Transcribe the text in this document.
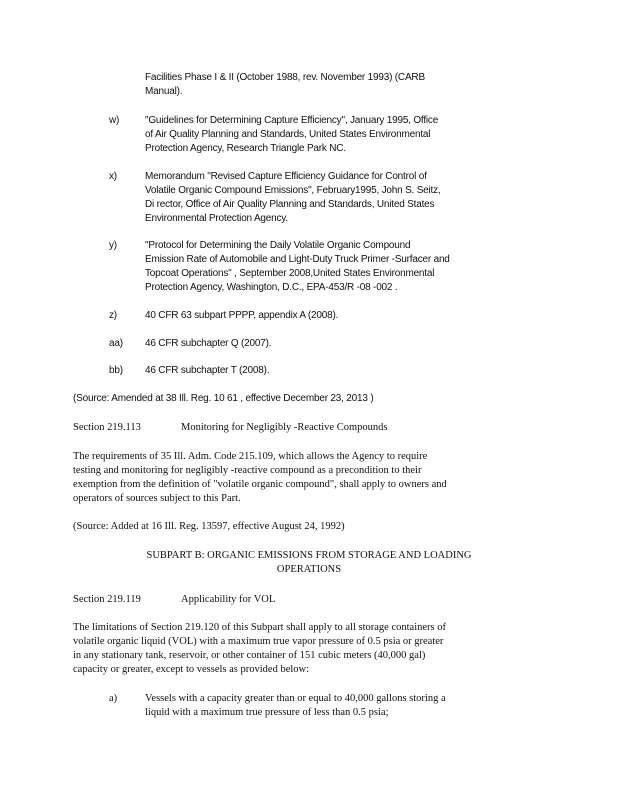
Facilities Phase I & II (October 1988, rev. November 1993) (CARB
Manual).
w)	"Guidelines for Determining Capture Efficiency", January 1995, Office
of Air Quality Planning and Standards, United States Environmental
Protection Agency, Research Triangle Park NC.
x)	Memorandum "Revised Capture Efficiency Guidance for Control of
Volatile Organic Compound Emissions", February1995, John S. Seitz,
Di rector, Office of Air Quality Planning and Standards, United States
Environmental Protection Agency.
y)	"Protocol for Determining the Daily Volatile Organic Compound
Emission Rate of Automobile and Light-Duty Truck Primer -Surfacer and
Topcoat Operations" , September 2008,United States Environmental
Protection Agency, Washington, D.C., EPA-453/R -08 -002 .
z)	40 CFR 63 subpart PPPP, appendix A (2008).
aa) 46 CFR subchapter Q (2007).
bb) 46 CFR subchapter T (2008).
(Source: Amended at 38 Ill. Reg. 10 61 , effective December 23, 2013 )
Section 219.113	Monitoring for Negligibly -Reactive Compounds
The requirements of 35 Ill. Adm. Code 215.109, which allows the Agency to require
testing and monitoring for negligibly -reactive compound as a precondition to their
exemption from the definition of "volatile organic compound", shall apply to owners and
operators of sources subject to this Part.
(Source: Added at 16 Ill. Reg. 13597, effective August 24, 1992)
SUBPART B: ORGANIC EMISSIONS FROM STORAGE AND LOADING
OPERATIONS
Section 219.119	Applicability for VOL
The limitations of Section 219.120 of this Subpart shall apply to all storage containers of
volatile organic liquid (VOL) with a maximum true vapor pressure of 0.5 psia or greater
in any stationary tank, reservoir, or other container of 151 cubic meters (40,000 gal)
capacity or greater, except to vessels as provided below:
a)	Vessels with a capacity greater than or equal to 40,000 gallons storing a
liquid with a maximum true pressure of less than 0.5 psia;
